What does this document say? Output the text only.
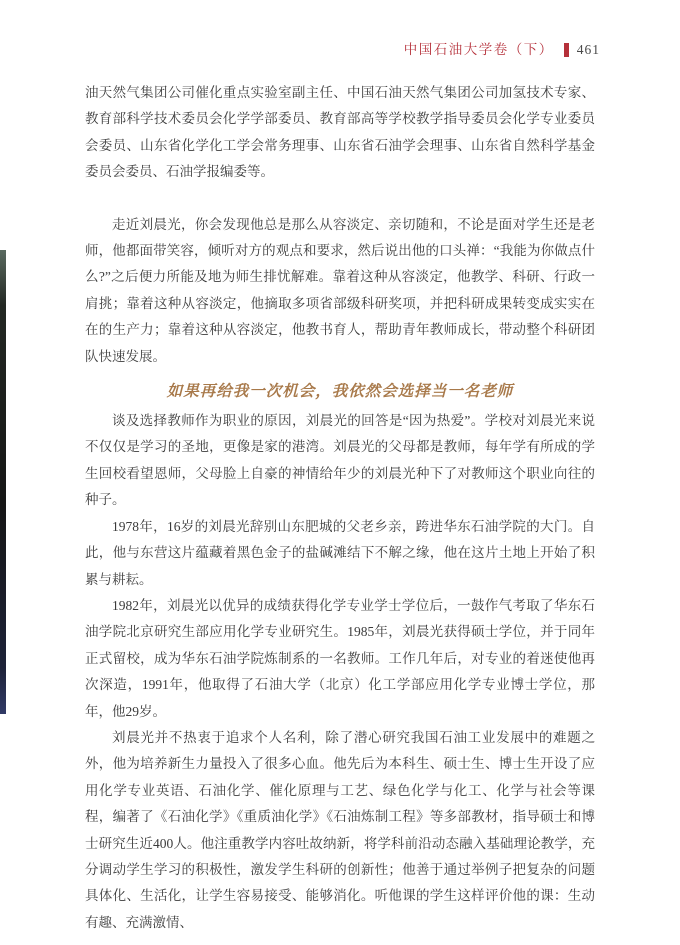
中国石油大学卷（下） 461

油天然气集团公司催化重点实验室副主任、中国石油天然气集团公司加氢技术专家、教育部科学技术委员会化学学部委员、教育部高等学校教学指导委员会化学专业委员会委员、山东省化学化工学会常务理事、山东省石油学会理事、山东省自然科学基金委员会委员、石油学报编委等。

走近刘晨光，你会发现他总是那么从容淡定、亲切随和，不论是面对学生还是老师，他都面带笑容，倾听对方的观点和要求，然后说出他的口头禅：“我能为你做点什么?”之后便力所能及地为师生排忧解难。靠着这种从容淡定，他教学、科研、行政一肩挑；靠着这种从容淡定，他摘取多项省部级科研奖项，并把科研成果转变成实实在在的生产力；靠着这种从容淡定，他教书育人，帮助青年教师成长，带动整个科研团队快速发展。

如果再给我一次机会，我依然会选择当一名老师

谈及选择教师作为职业的原因，刘晨光的回答是“因为热爱”。学校对刘晨光来说不仅仅是学习的圣地，更像是家的港湾。刘晨光的父母都是教师，每年学有所成的学生回校看望恩师，父母脸上自豪的神情给年少的刘晨光种下了对教师这个职业向往的种子。

1978年，16岁的刘晨光辞别山东肥城的父老乡亲，跨进华东石油学院的大门。自此，他与东营这片蕴藏着黑色金子的盐碱滩结下不解之缘，他在这片土地上开始了积累与耕耘。

1982年，刘晨光以优异的成绩获得化学专业学士学位后，一鼓作气考取了华东石油学院北京研究生部应用化学专业研究生。1985年，刘晨光获得硕士学位，并于同年正式留校，成为华东石油学院炼制系的一名教师。工作几年后，对专业的着迷使他再次深造，1991年，他取得了石油大学（北京）化工学部应用化学专业博士学位，那年，他29岁。

刘晨光并不热衷于追求个人名利，除了潜心研究我国石油工业发展中的难题之外，他为培养新生力量投入了很多心血。他先后为本科生、硕士生、博士生开设了应用化学专业英语、石油化学、催化原理与工艺、绿色化学与化工、化学与社会等课程，编著了《石油化学》《重质油化学》《石油炼制工程》等多部教材，指导硕士和博士研究生近400人。他注重教学内容吐故纳新，将学科前沿动态融入基础理论教学，充分调动学生学习的积极性，激发学生科研的创新性；他善于通过举例子把复杂的问题具体化、生活化，让学生容易接受、能够消化。听他课的学生这样评价他的课：生动有趣、充满激情、
